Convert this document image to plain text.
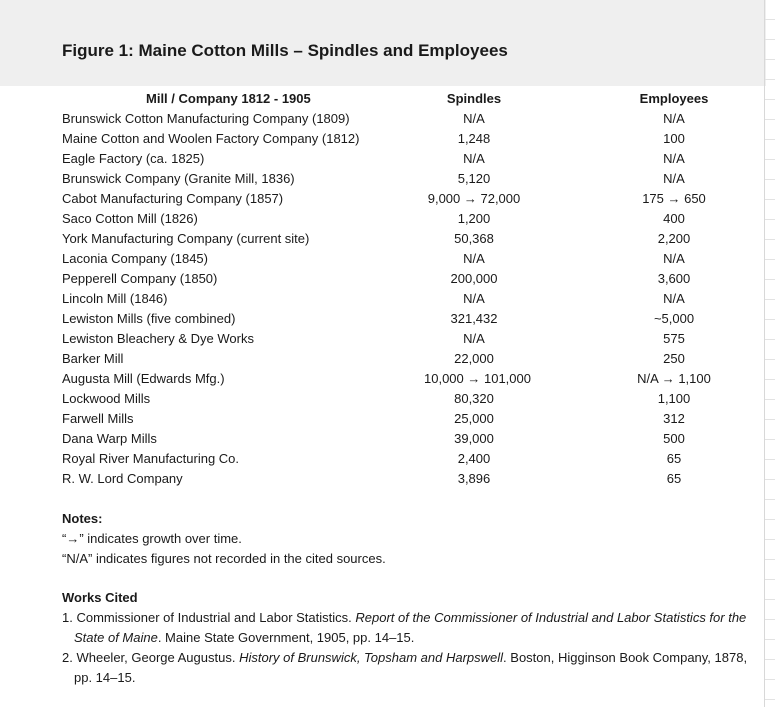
Figure 1: Maine Cotton Mills – Spindles and Employees
Mill / Company 1812 - 1905	Spindles	Employees
Brunswick Cotton Manufacturing Company (1809)	N/A	N/A
Maine Cotton and Woolen Factory Company (1812)	1,248	100
Eagle Factory (ca. 1825)	N/A	N/A
Brunswick Company (Granite Mill, 1836)	5,120	N/A
Cabot Manufacturing Company (1857)	9,000 → 72,000	175 → 650
Saco Cotton Mill (1826)	1,200	400
York Manufacturing Company (current site)	50,368	2,200
Laconia Company (1845)	N/A	N/A
Pepperell Company (1850)	200,000	3,600
Lincoln Mill (1846)	N/A	N/A
Lewiston Mills (five combined)	321,432	~5,000
Lewiston Bleachery & Dye Works	N/A	575
Barker Mill	22,000	250
Augusta Mill (Edwards Mfg.)	10,000 → 101,000	N/A → 1,100
Lockwood Mills	80,320	1,100
Farwell Mills	25,000	312
Dana Warp Mills	39,000	500
Royal River Manufacturing Co.	2,400	65
R. W. Lord Company	3,896	65
Notes:
“→” indicates growth over time.
“N/A” indicates figures not recorded in the cited sources.
Works Cited
1. Commissioner of Industrial and Labor Statistics. Report of the Commissioner of Industrial and Labor Statistics for the State of Maine. Maine State Government, 1905, pp. 14–15.
2. Wheeler, George Augustus. History of Brunswick, Topsham and Harpswell. Boston, Higginson Book Company, 1878, pp. 14–15.
